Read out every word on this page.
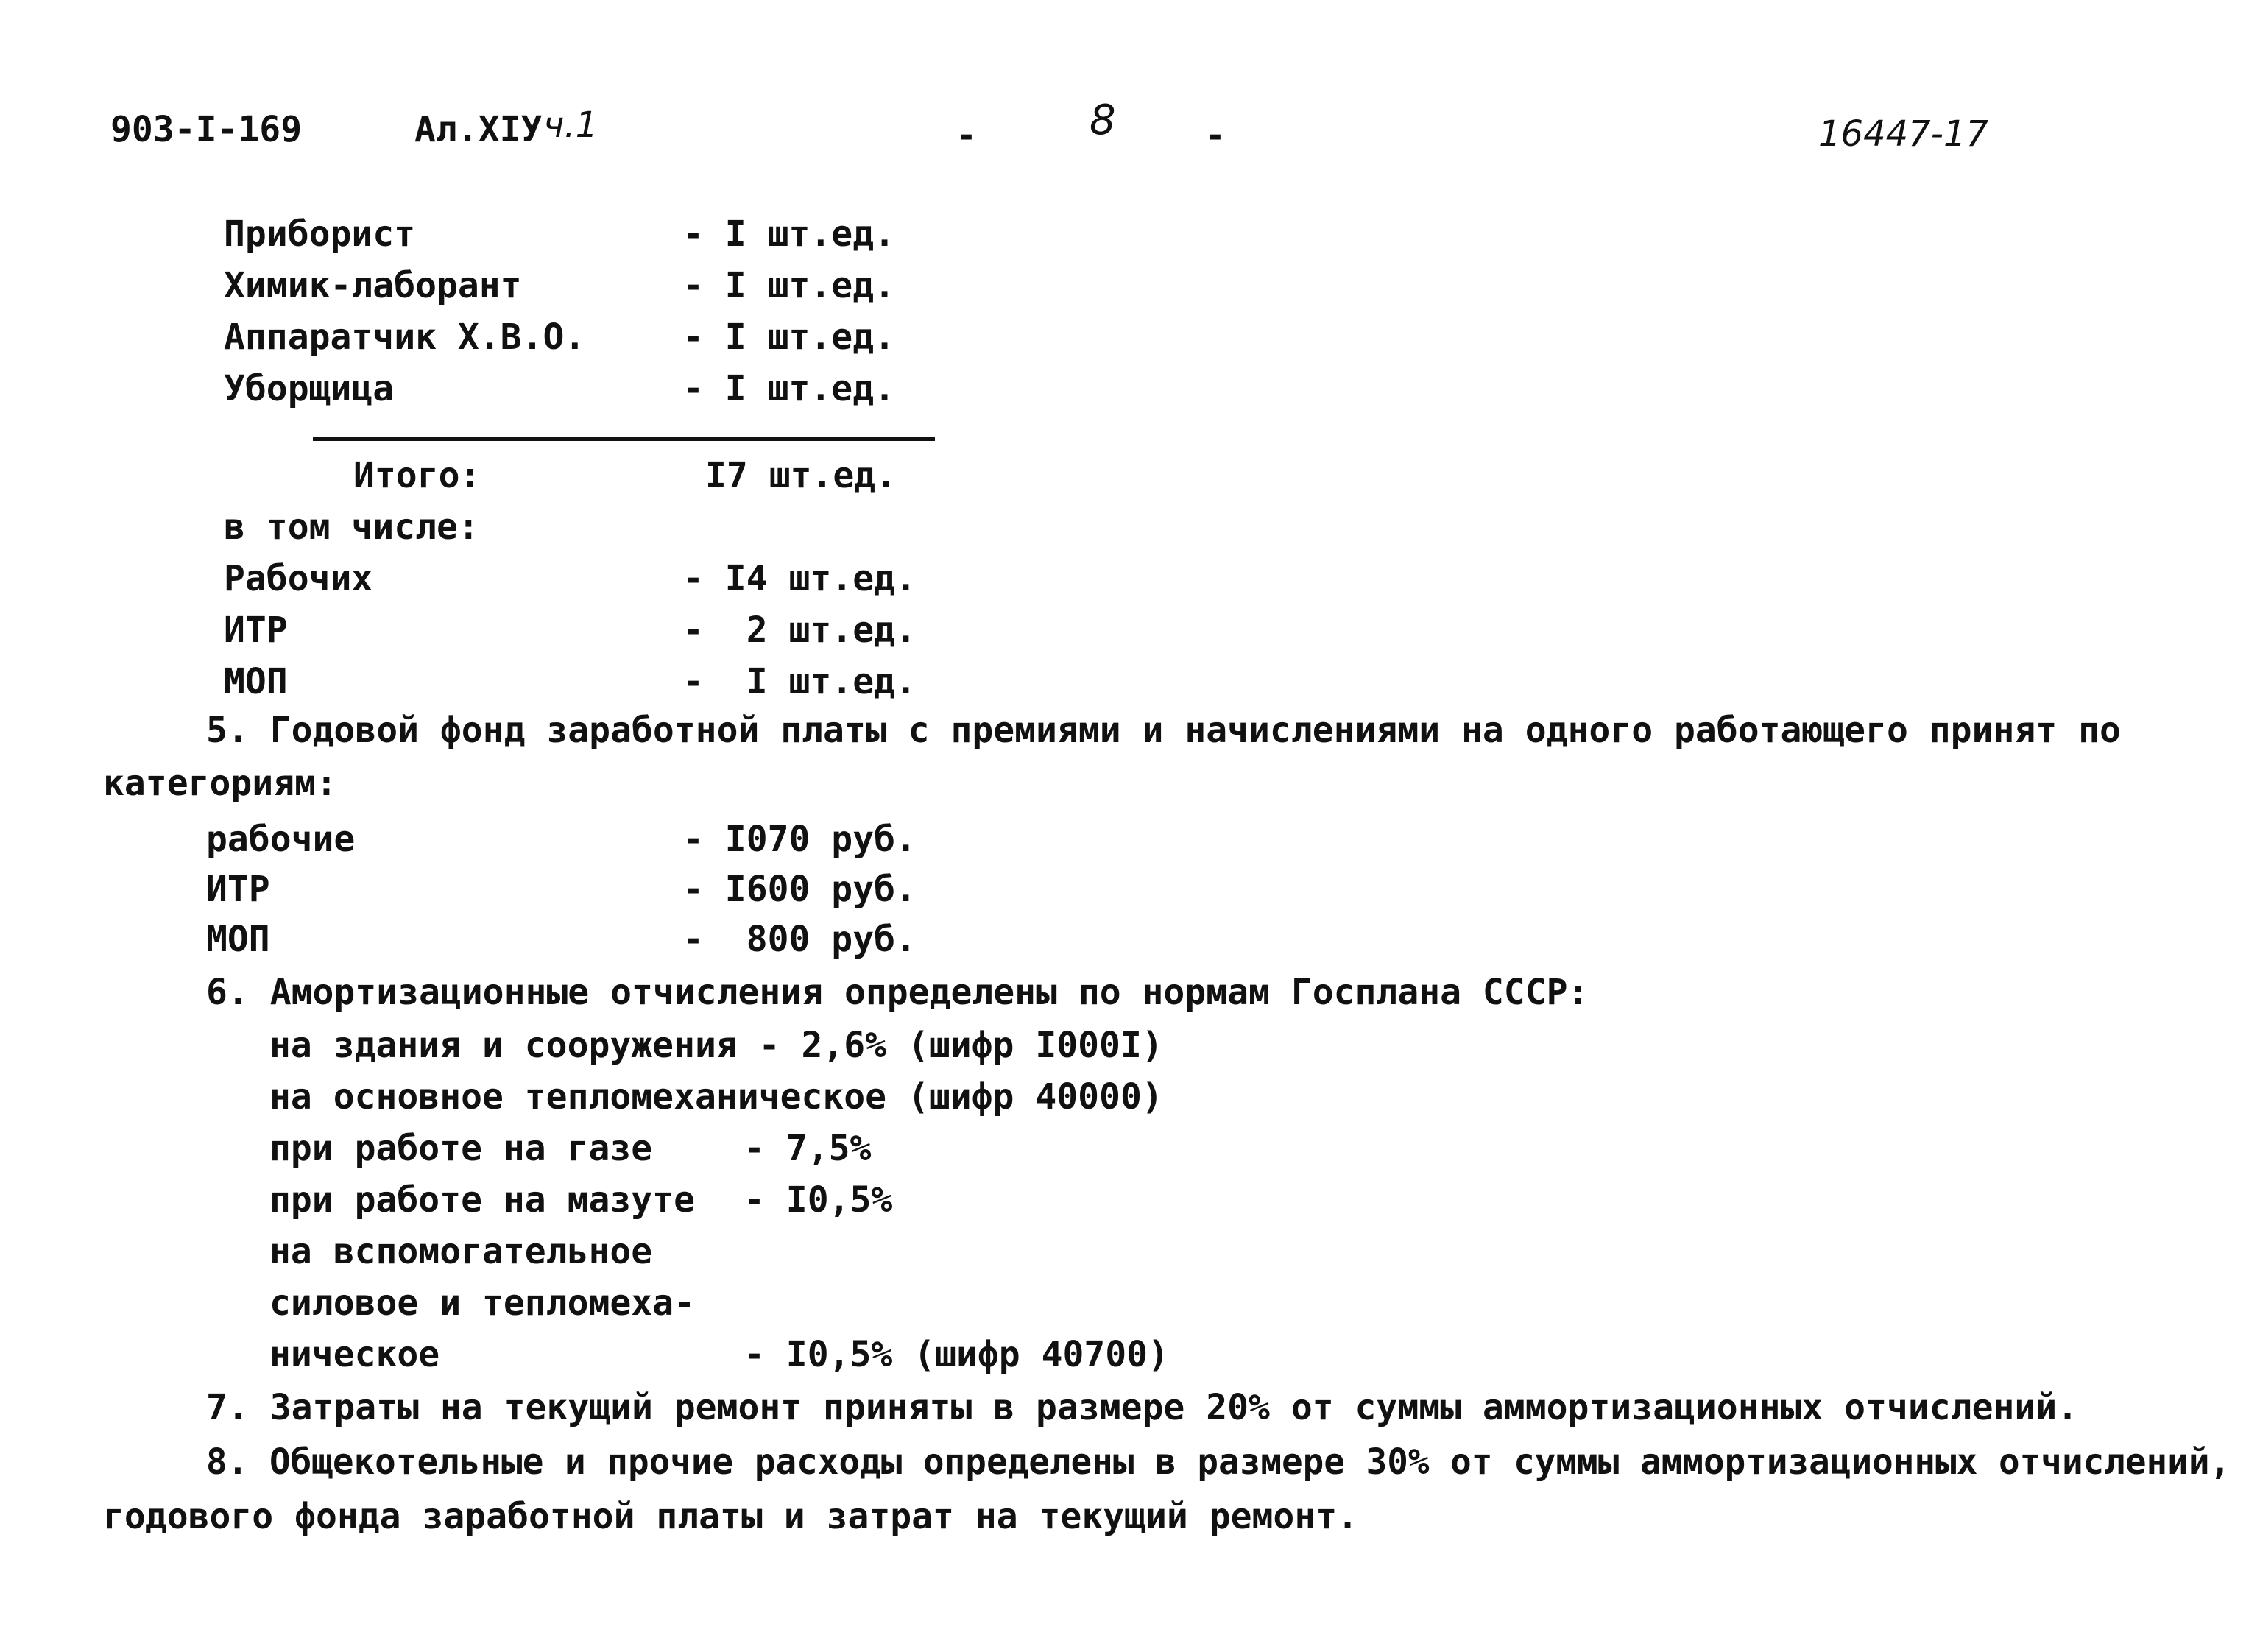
903-I-169	Ал.XIУ ч.1	-	8	-	16447-17
Приборист	- I шт.ед.
Химик-лаборант	- I шт.ед.
Аппаратчик Х.В.О.	- I шт.ед.
Уборщица	- I шт.ед.
Итого:	I7 шт.ед.
в том числе:
Рабочих	- I4 шт.ед.
ИТР	-  2 шт.ед.
МОП	-  I шт.ед.
5. Годовой фонд заработной платы с премиями и начислениями на одного работающего принят по
категориям:
рабочие	- I070 руб.
ИТР	- I600 руб.
МОП	-  800 руб.
6. Амортизационные отчисления определены по нормам Госплана СССР:
на здания и сооружения - 2,6% (шифр I000I)
на основное тепломеханическое (шифр 40000)
при работе на газе	- 7,5%
при работе на мазуте - I0,5%
на вспомогательное
силовое и тепломеха-
ническое	- I0,5% (шифр 40700)
7. Затраты на текущий ремонт приняты в размере 20% от суммы аммортизационных отчислений.
8. Общекотельные и прочие расходы определены в размере 30% от суммы аммортизационных отчислений,
годового фонда заработной платы и затрат на текущий ремонт.
